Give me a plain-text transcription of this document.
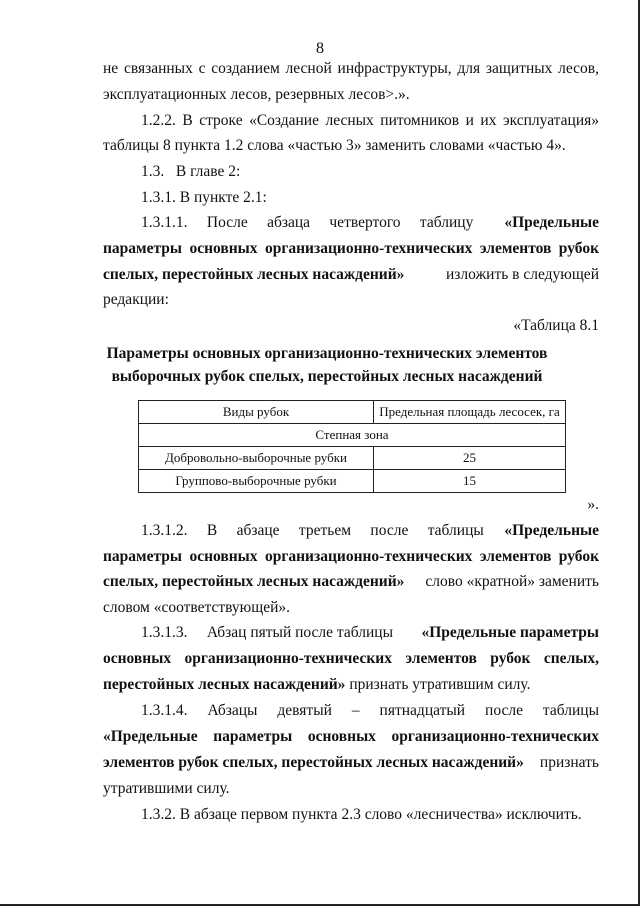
8
не связанных с созданием лесной инфраструктуры, для защитных лесов,
эксплуатационных лесов, резервных лесов>.».
1.2.2. В строке «Создание лесных питомников и их эксплуатация»
таблицы 8 пункта 1.2 слова «частью 3» заменить словами «частью 4».
1.3.   В главе 2:
1.3.1. В пункте 2.1:
1.3.1.1.     После     абзаца     четвертого     таблицу «Предельные
параметры основных организационно-технических элементов рубок
спелых, перестойных лесных насаждений» изложить в следующей
редакции:
«Таблица 8.1
Параметры основных организационно-технических элементов
выборочных рубок спелых, перестойных лесных насаждений
Виды рубок	Предельная площадь лесосек, га
Степная зона	
Добровольно-выборочные рубки	25
Группово-выборочные рубки	15
».
1.3.1.2.     В     абзаце     третьем     после     таблицы «Предельные
параметры основных организационно-технических элементов рубок
спелых, перестойных лесных насаждений» слово «кратной» заменить
словом «соответствующей».
1.3.1.3.     Абзац пятый после таблицы «Предельные параметры
основных организационно-технических элементов рубок спелых,
перестойных лесных насаждений» признать утратившим силу.
1.3.1.4. Абзацы девятый – пятнадцатый после таблицы
«Предельные параметры основных организационно-технических
элементов рубок спелых, перестойных лесных насаждений» признать
утратившими силу.
1.3.2. В абзаце первом пункта 2.3 слово «лесничества» исключить.
